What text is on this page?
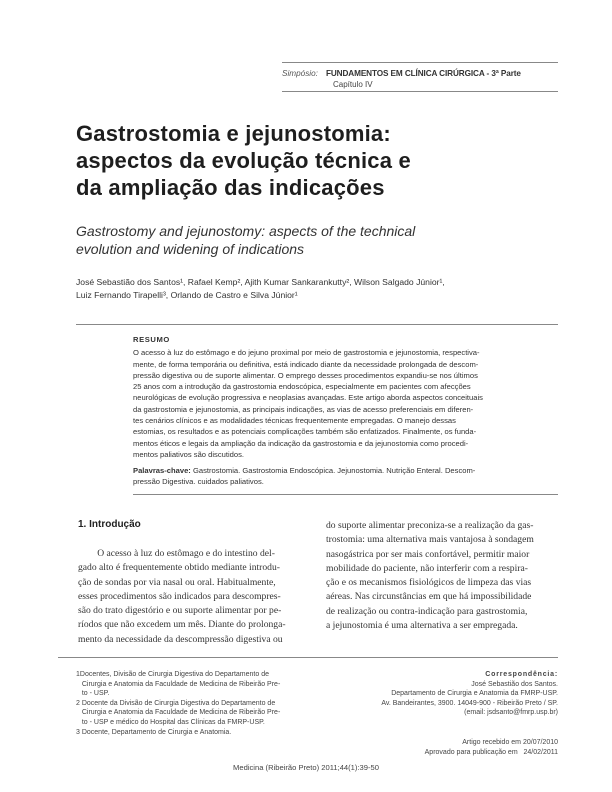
Simpósio: FUNDAMENTOS EM CLÍNICA CIRÚRGICA - 3ª Parte
Capítulo IV
Gastrostomia e jejunostomia:
aspectos da evolução técnica e
da ampliação das indicações
Gastrostomy and jejunostomy: aspects of the technical
evolution and widening of indications
José Sebastião dos Santos¹, Rafael Kemp², Ajith Kumar Sankarankutty², Wilson Salgado Júnior¹,
Luiz Fernando Tirapelli³, Orlando de Castro e Silva Júnior¹
RESUMO
O acesso à luz do estômago e do jejuno proximal por meio de gastrostomia e jejunostomia, respectiva-
mente, de forma temporária ou definitiva, está indicado diante da necessidade prolongada de descom-
pressão digestiva ou de suporte alimentar. O emprego desses procedimentos expandiu-se nos últimos
25 anos com a introdução da gastrostomia endoscópica, especialmente em pacientes com afecções
neurológicas de evolução progressiva e neoplasias avançadas. Este artigo aborda aspectos conceituais
da gastrostomia e jejunostomia, as principais indicações, as vias de acesso preferenciais em diferen-
tes cenários clínicos e as modalidades técnicas frequentemente empregadas. O manejo dessas
estomias, os resultados e as potenciais complicações também são enfatizados. Finalmente, os funda-
mentos éticos e legais da ampliação da indicação da gastrostomia e da jejunostomia como procedi-
mentos paliativos são discutidos.
Palavras-chave: Gastrostomia. Gastrostomia Endoscópica. Jejunostomia. Nutrição Enteral. Descom-
pressão Digestiva. cuidados paliativos.
1. Introdução
O acesso à luz do estômago e do intestino del-
gado alto é frequentemente obtido mediante introdu-
ção de sondas por via nasal ou oral. Habitualmente,
esses procedimentos são indicados para descompres-
são do trato digestório e ou suporte alimentar por pe-
ríodos que não excedem um mês. Diante do prolonga-
mento da necessidade da descompressão digestiva ou
do suporte alimentar preconiza-se a realização da gas-
trostomia: uma alternativa mais vantajosa à sondagem
nasogástrica por ser mais confortável, permitir maior
mobilidade do paciente, não interferir com a respira-
ção e os mecanismos fisiológicos de limpeza das vias
aéreas. Nas circunstâncias em que há impossibilidade
de realização ou contra-indicação para gastrostomia,
a jejunostomia é uma alternativa a ser empregada.
1Docentes, Divisão de Cirurgia Digestiva do Departamento de
Cirurgia e Anatomia da Faculdade de Medicina de Ribeirão Pre-
to - USP.
2 Docente da Divisão de Cirurgia Digestiva do Departamento de
Cirurgia e Anatomia da Faculdade de Medicina de Ribeirão Pre-
to - USP e médico do Hospital das Clínicas da FMRP-USP.
3 Docente, Departamento de Cirurgia e Anatomia.
Correspondência:
José Sebastião dos Santos.
Departamento de Cirurgia e Anatomia da FMRP-USP.
Av. Bandeirantes, 3900. 14049-900 - Ribeirão Preto / SP.
(email: jsdsanto@fmrp.usp.br)
Artigo recebido em 20/07/2010
Aprovado para publicação em   24/02/2011
Medicina (Ribeirão Preto) 2011;44(1):39-50
